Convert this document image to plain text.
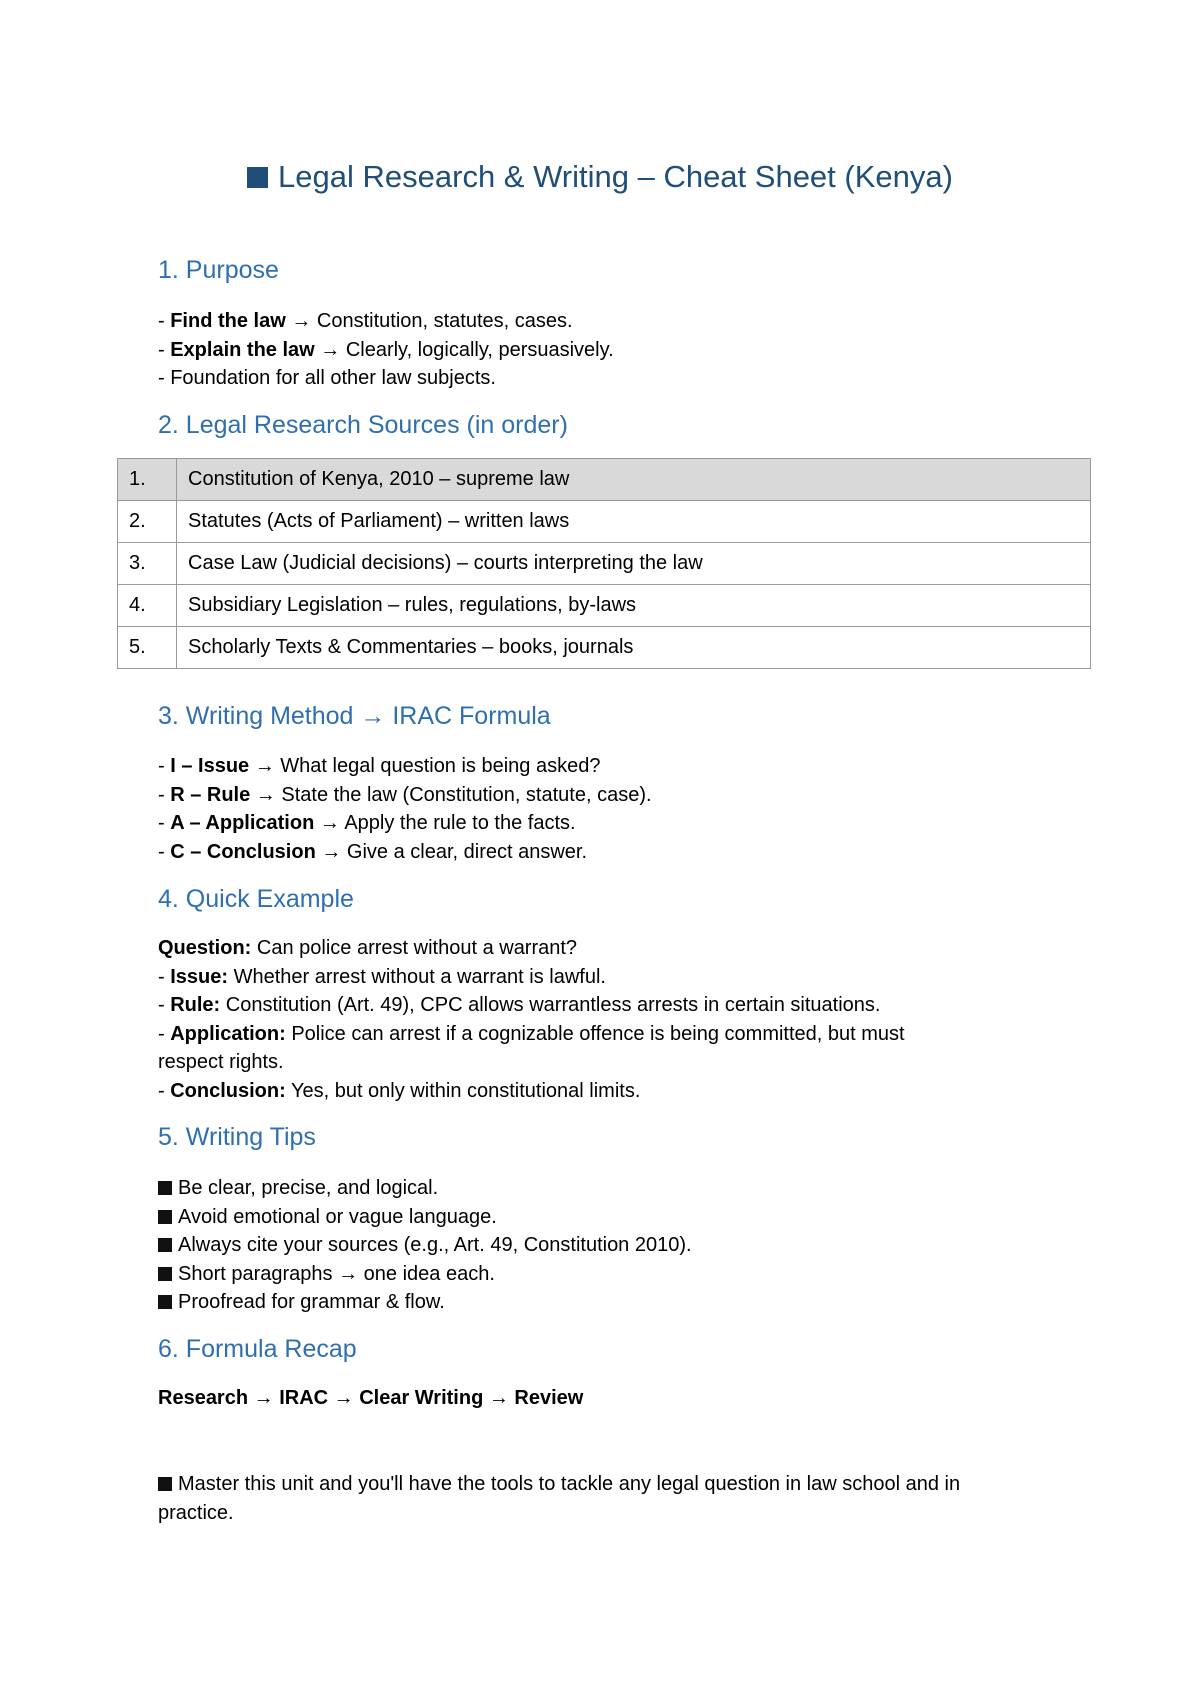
Legal Research & Writing – Cheat Sheet (Kenya)
1. Purpose
- Find the law → Constitution, statutes, cases.
- Explain the law → Clearly, logically, persuasively.
- Foundation for all other law subjects.
2. Legal Research Sources (in order)
1.	Constitution of Kenya, 2010 – supreme law
2.	Statutes (Acts of Parliament) – written laws
3.	Case Law (Judicial decisions) – courts interpreting the law
4.	Subsidiary Legislation – rules, regulations, by-laws
5.	Scholarly Texts & Commentaries – books, journals
3. Writing Method → IRAC Formula
- I – Issue → What legal question is being asked?
- R – Rule → State the law (Constitution, statute, case).
- A – Application → Apply the rule to the facts.
- C – Conclusion → Give a clear, direct answer.
4. Quick Example
Question: Can police arrest without a warrant?
- Issue: Whether arrest without a warrant is lawful.
- Rule: Constitution (Art. 49), CPC allows warrantless arrests in certain situations.
- Application: Police can arrest if a cognizable offence is being committed, but must
respect rights.
- Conclusion: Yes, but only within constitutional limits.
5. Writing Tips
Be clear, precise, and logical.
Avoid emotional or vague language.
Always cite your sources (e.g., Art. 49, Constitution 2010).
Short paragraphs → one idea each.
Proofread for grammar & flow.
6. Formula Recap
Research → IRAC → Clear Writing → Review
Master this unit and you'll have the tools to tackle any legal question in law school and in
practice.
